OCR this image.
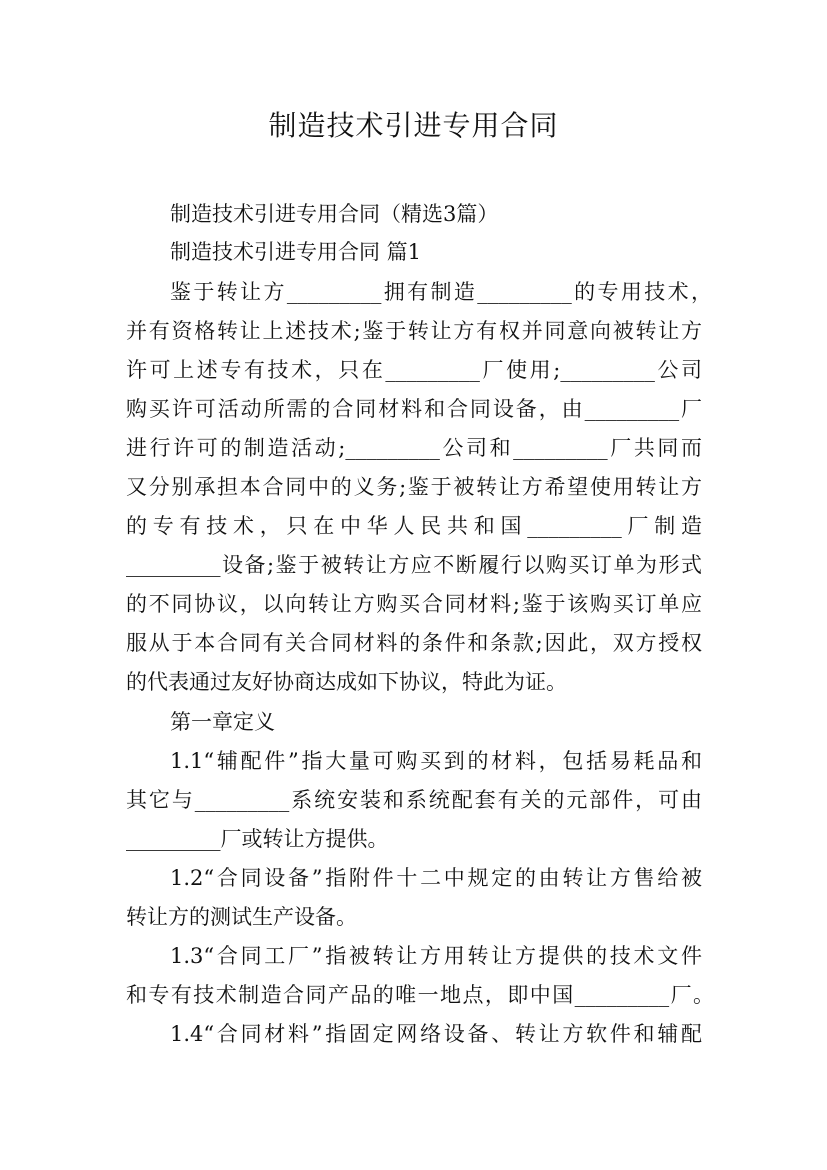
制造技术引进专用合同
制造技术引进专用合同（精选3篇）
制造技术引进专用合同 篇1
鉴于转让方_________拥有制造_________的专用技术，
并有资格转让上述技术;鉴于转让方有权并同意向被转让方
许可上述专有技术，只在_________厂使用;_________公司
购买许可活动所需的合同材料和合同设备，由_________厂
进行许可的制造活动;_________公司和_________厂共同而
又分别承担本合同中的义务;鉴于被转让方希望使用转让方
的专有技术，只在中华人民共和国_________厂制造
_________设备;鉴于被转让方应不断履行以购买订单为形式
的不同协议，以向转让方购买合同材料;鉴于该购买订单应
服从于本合同有关合同材料的条件和条款;因此，双方授权
的代表通过友好协商达成如下协议，特此为证。
第一章定义
1.1“辅配件”指大量可购买到的材料，包括易耗品和
其它与_________系统安装和系统配套有关的元部件，可由
_________厂或转让方提供。
1.2“合同设备”指附件十二中规定的由转让方售给被
转让方的测试生产设备。
1.3“合同工厂”指被转让方用转让方提供的技术文件
和专有技术制造合同产品的唯一地点，即中国_________厂。
1.4“合同材料”指固定网络设备、转让方软件和辅配
